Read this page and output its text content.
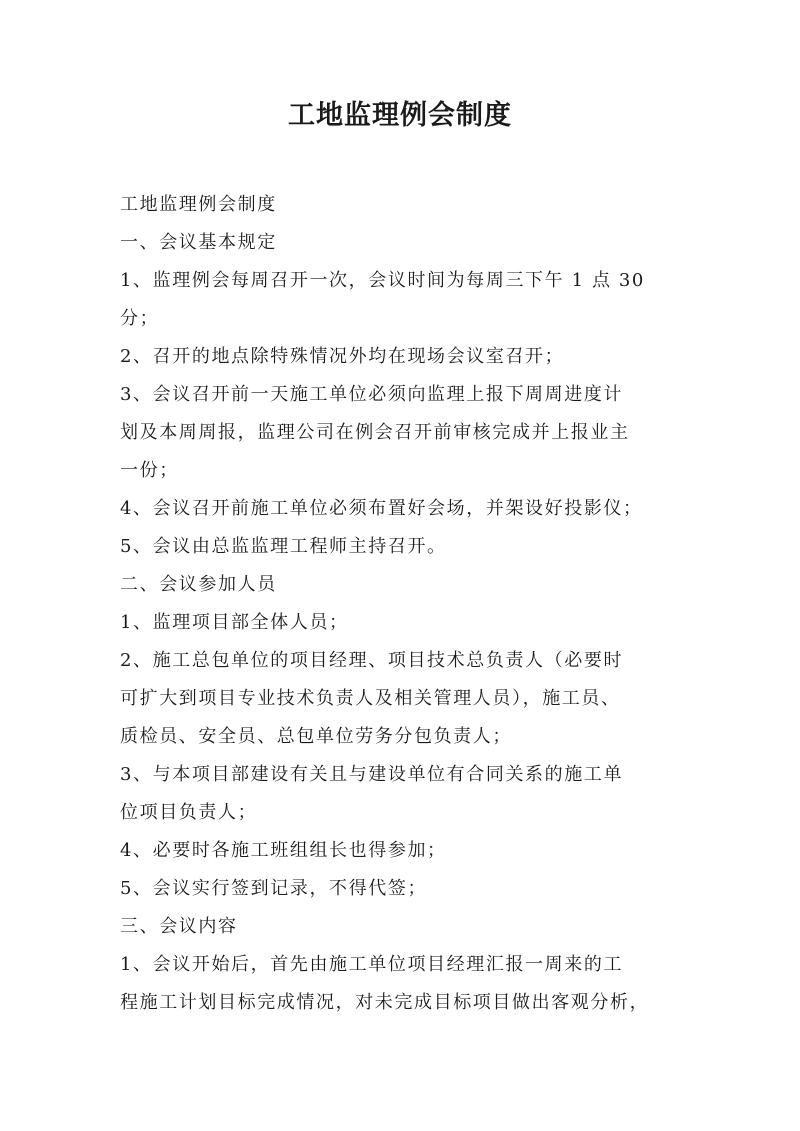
工地监理例会制度

工地监理例会制度

一、会议基本规定

1、监理例会每周召开一次，会议时间为每周三下午 1 点 30

分；

2、召开的地点除特殊情况外均在现场会议室召开；

3、会议召开前一天施工单位必须向监理上报下周周进度计

划及本周周报，监理公司在例会召开前审核完成并上报业主

一份；

4、会议召开前施工单位必须布置好会场，并架设好投影仪；

5、会议由总监监理工程师主持召开。

二、会议参加人员

1、监理项目部全体人员；

2、施工总包单位的项目经理、项目技术总负责人（必要时

可扩大到项目专业技术负责人及相关管理人员），施工员、

质检员、安全员、总包单位劳务分包负责人；

3、与本项目部建设有关且与建设单位有合同关系的施工单

位项目负责人；

4、必要时各施工班组组长也得参加；

5、会议实行签到记录，不得代签；

三、会议内容

1、会议开始后，首先由施工单位项目经理汇报一周来的工

程施工计划目标完成情况，对未完成目标项目做出客观分析，
